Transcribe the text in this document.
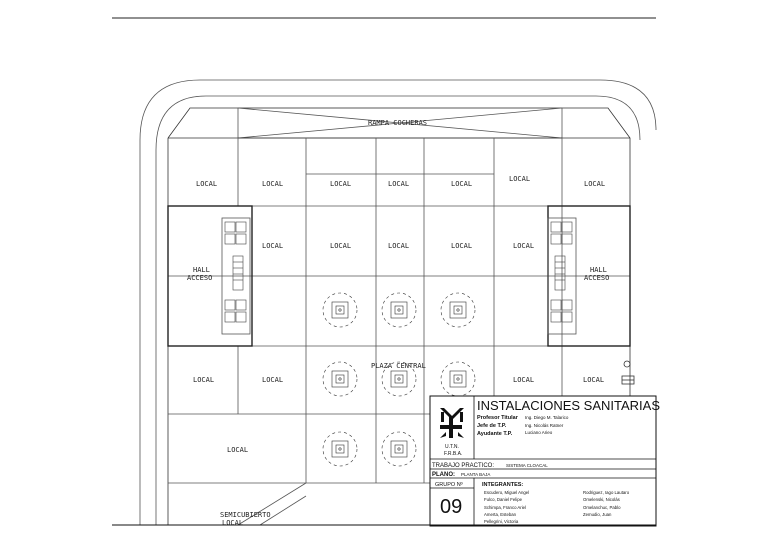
RAMPA COCHERAS
PLAZA CENTRAL
LOCAL	LOCAL	LOCAL	LOCAL	LOCAL
LOCAL
LOCAL
LOCAL	LOCAL	LOCAL	LOCAL	LOCAL
HALL
ACCESO
HALL
ACCESO
LOCAL	LOCAL	LOCAL	LOCAL
LOCAL
SEMICUBIERTO
LOCAL
U.T.N.
F.R.B.A.
INSTALACIONES SANITARIAS
Profesor Titular Ing. Diego M. Talarico
Jefe de T.P.	Ing. Nicolás Ratner
Ayudante T.P.	Luciano Arieo
TRABAJO PRACTICO:	SISTEMA CLOACAL
PLANO: PLANTA BAJA
GRUPO Nº
09
INTEGRANTES:
Escudero, Miguel Angel
Fulco, Daniel Felipe
Schimpa, Franco Ariel
Amerta, Esteban
Pellegrini, Victoria
Rodriguez, Iago Lautaro
Omelenski, Nicolás
Omelanchuc, Pablo
Zemudio, Juan
